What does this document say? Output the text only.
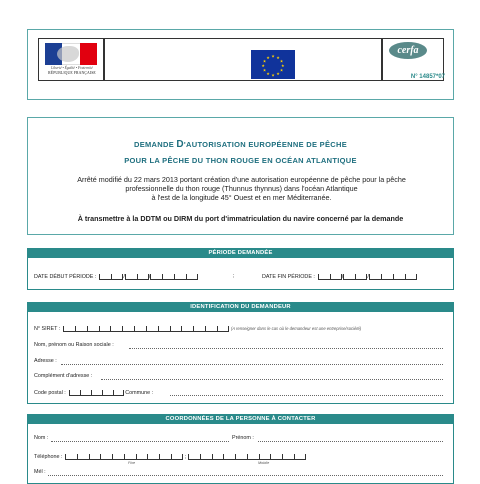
Liberté • Égalité • Fraternité
RÉPUBLIQUE FRANÇAISE
★ ★
★
★
★
★
★
★
★
★
★
★
cerfa
N° 14857*07
DEMANDE D'AUTORISATION EUROPÉENNE DE PÊCHE
POUR LA PÊCHE DU THON ROUGE EN OCÉAN ATLANTIQUE
Arrêté modifié du 22 mars 2013 portant création d'une autorisation européenne de pêche pour la pêche
professionnelle du thon rouge (Thunnus thynnus) dans l'océan Atlantique
à l'est de la longitude 45° Ouest et en mer Méditerranée.
À transmettre à la DDTM ou DIRM du port d'immatriculation du navire concerné par la demande
PÉRIODE DEMANDÉE
DATE DÉBUT PÉRIODE :	;	DATE FIN PÉRIODE :
IDENTIFICATION DU DEMANDEUR
N° SIRET :	(A renseigner dans le cas où le demandeur est une entreprise/société)
Nom, prénom ou Raison sociale :
Adresse :
Complément d'adresse :
Code postal :	Commune :
COORDONNÉES DE LA PERSONNE À CONTACTER
Nom :	Prénom :
Téléphone :	;
Fixe	Mobile
Mél :
